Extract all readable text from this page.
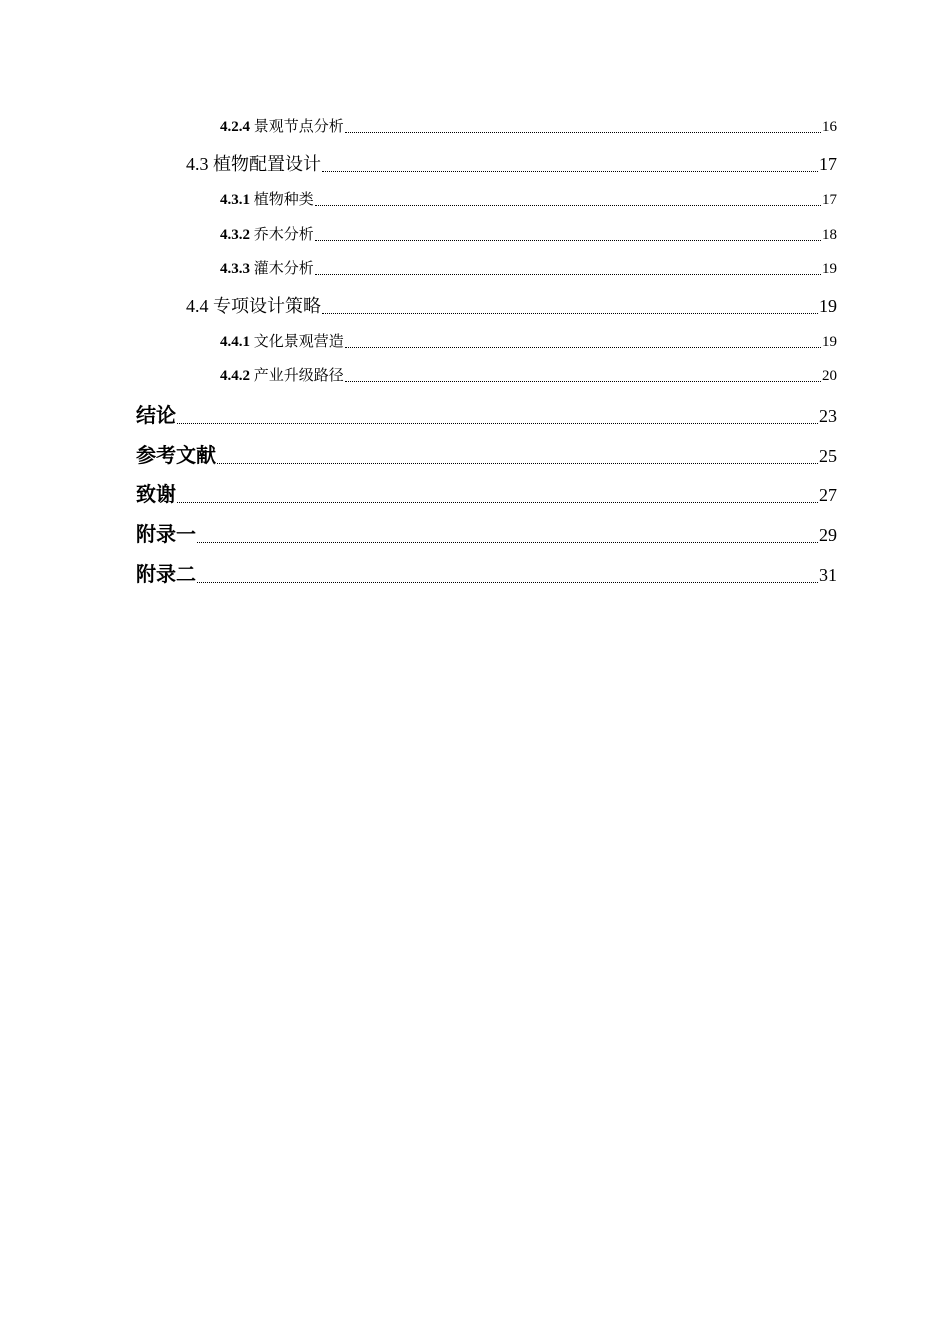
4.2.4 景观节点分析	16
4.3 植物配置设计	17
4.3.1 植物种类	17
4.3.2 乔木分析	18
4.3.3 灌木分析	19
4.4 专项设计策略	19
4.4.1 文化景观营造	19
4.4.2 产业升级路径	20
结论	23
参考文献	25
致谢	27
附录一	29
附录二	31
